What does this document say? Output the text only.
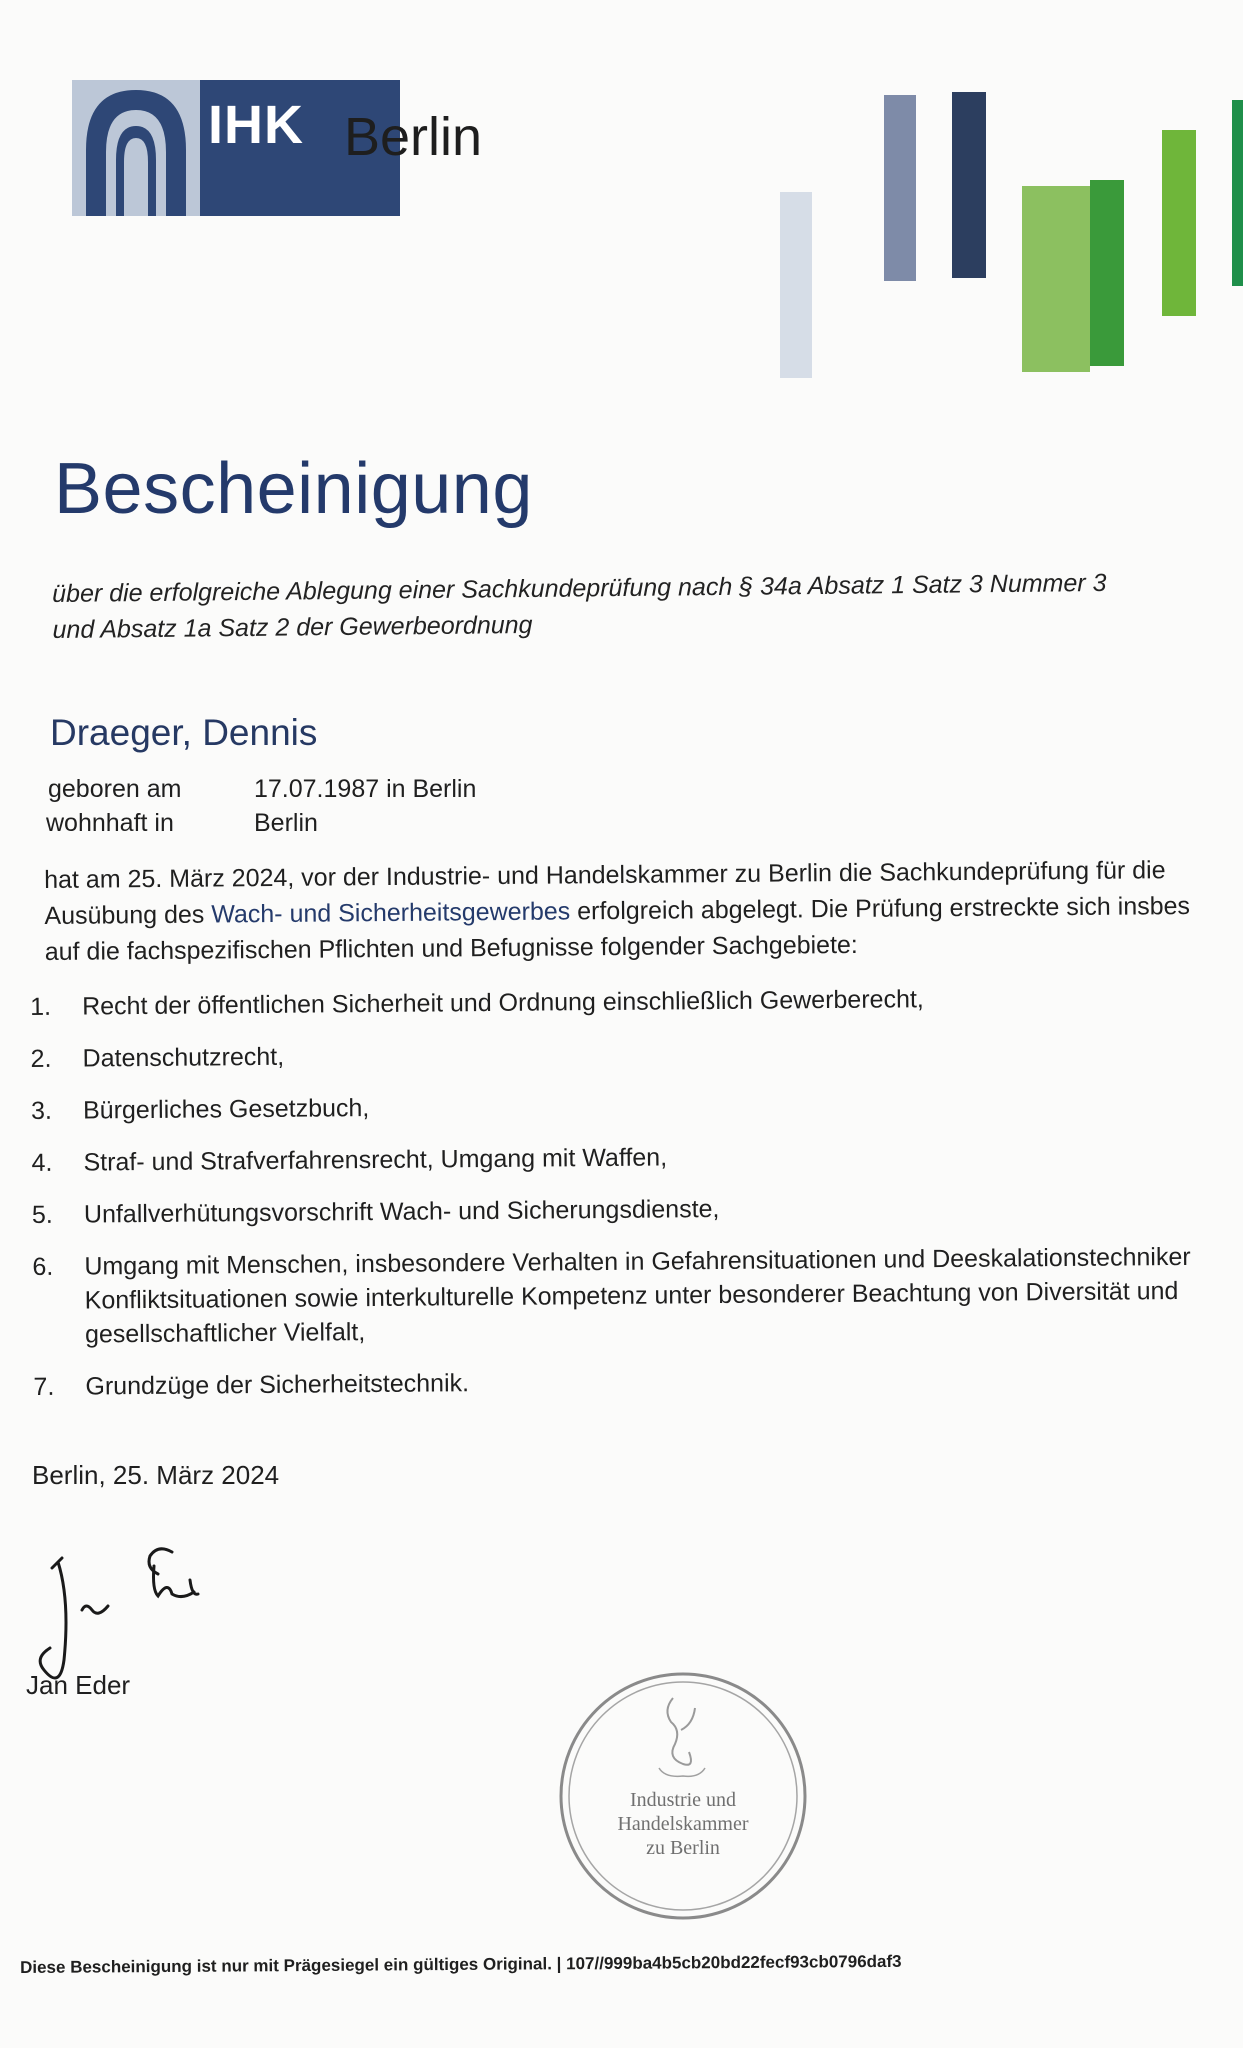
IHK Berlin
Bescheinigung
über die erfolgreiche Ablegung einer Sachkundeprüfung nach § 34a Absatz 1 Satz 3 Nummer 3
und Absatz 1a Satz 2 der Gewerbeordnung
Draeger, Dennis
geboren am	17.07.1987 in Berlin
wohnhaft in	Berlin
hat am 25. März 2024, vor der Industrie- und Handelskammer zu Berlin die Sachkundeprüfung für die
Ausübung des Wach- und Sicherheitsgewerbes erfolgreich abgelegt. Die Prüfung erstreckte sich insbes
auf die fachspezifischen Pflichten und Befugnisse folgender Sachgebiete:
1. Recht der öffentlichen Sicherheit und Ordnung einschließlich Gewerberecht,
2. Datenschutzrecht,
3. Bürgerliches Gesetzbuch,
4. Straf- und Strafverfahrensrecht, Umgang mit Waffen,
5. Unfallverhütungsvorschrift Wach- und Sicherungsdienste,
6. Umgang mit Menschen, insbesondere Verhalten in Gefahrensituationen und Deeskalationstechniker
Konfliktsituationen sowie interkulturelle Kompetenz unter besonderer Beachtung von Diversität und
gesellschaftlicher Vielfalt,
7. Grundzüge der Sicherheitstechnik.
Berlin, 25. März 2024
Jan Eder
Industrie und
Handelskammer
zu Berlin
Diese Bescheinigung ist nur mit Prägesiegel ein gültiges Original. | 107//999ba4b5cb20bd22fecf93cb0796daf3
